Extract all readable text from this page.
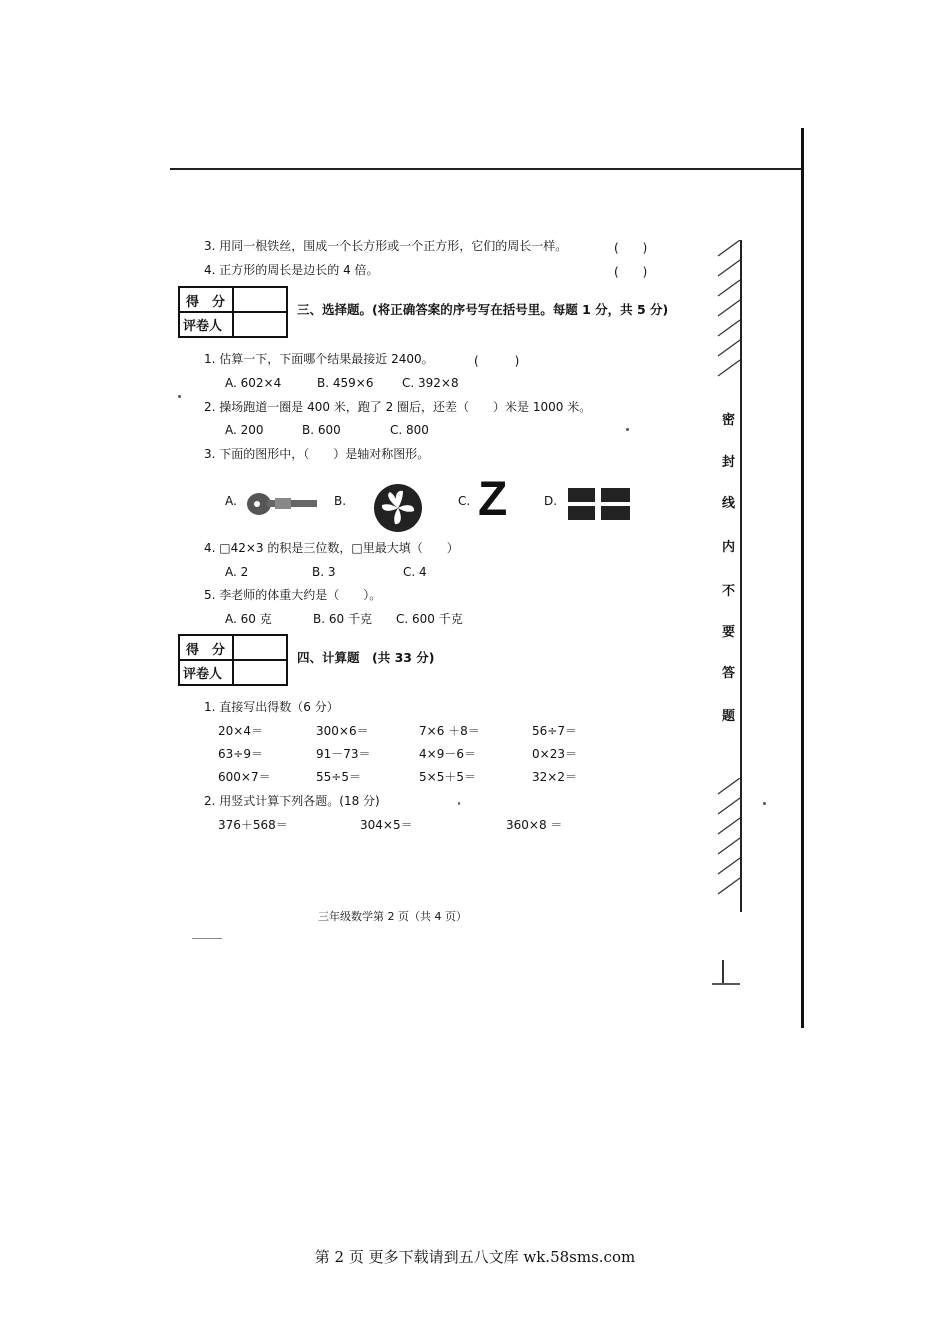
3. 用同一根铁丝，围成一个长方形或一个正方形，它们的周长一样。	(　　)
4. 正方形的周长是边长的 4 倍。	(　　)
得　分
评卷人
三、选择题。(将正确答案的序号写在括号里。每题 1 分，共 5 分)
1. 估算一下，下面哪个结果最接近 2400。	(　　　)
A. 602×4	B. 459×6 C. 392×8
2. 操场跑道一圈是 400 米，跑了 2 圈后，还差（　　）米是 1000 米。
A. 200	B. 600	C. 800
3. 下面的图形中，（　　）是轴对称图形。
A.	B.	C. Z	D.
4. □42×3 的积是三位数，□里最大填（　　）
A. 2	B. 3	C. 4
5. 李老师的体重大约是（　　）。
A. 60 克	B. 60 千克 C. 600 千克
得　分
评卷人
四、计算题　(共 33 分)
1. 直接写出得数（6 分）
20×4＝	300×6＝	7×6 ＋8＝	56÷7＝
63÷9＝	91－73＝	4×9－6＝	0×23＝
600×7＝	55÷5＝	5×5＋5＝	32×2＝
2. 用竖式计算下列各题。(18 分)
376＋568＝	304×5＝	360×8 ＝
三年级数学第 2 页（共 4 页）
密
封
线
内
不
要
答
题
第 2 页 更多下载请到五八文库 wk.58sms.com
